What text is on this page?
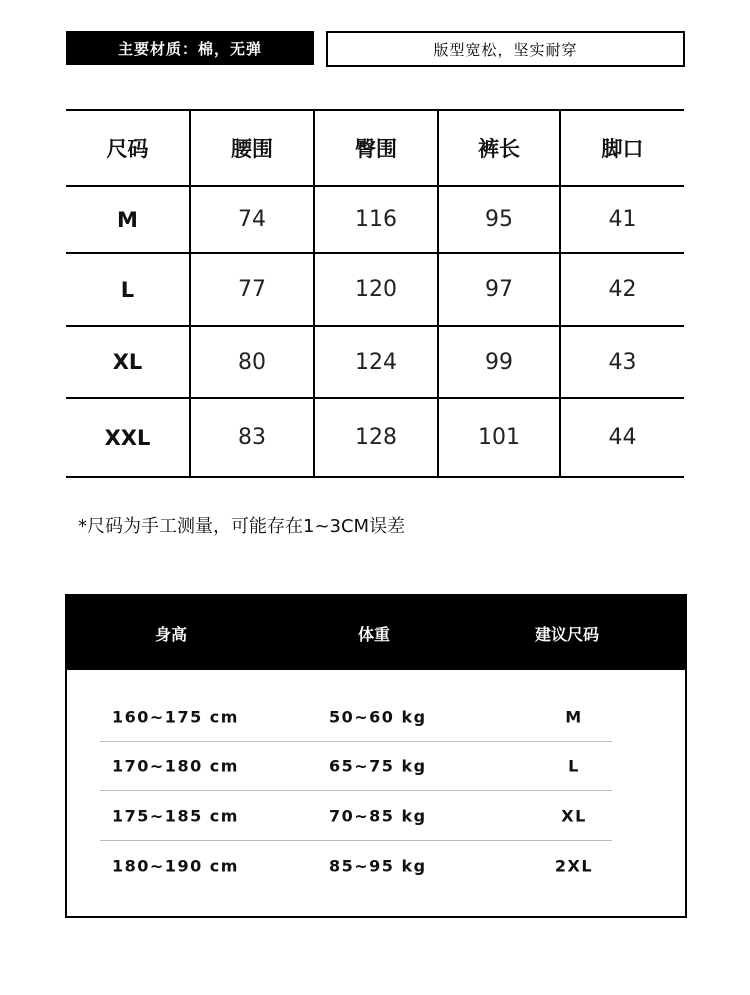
主要材质：棉，无弹	版型宽松，坚实耐穿
尺码	腰围	臀围	裤长	脚口
M	74	116	95	41
L	77	120	97	42
XL	80	124	99	43
XXL	83	128	101	44
*尺码为手工测量，可能存在1~3CM误差
身高	体重	建议尺码
160~175 cm	50~60 kg	M
170~180 cm	65~75 kg	L
175~185 cm	70~85 kg	XL
180~190 cm	85~95 kg	2XL
